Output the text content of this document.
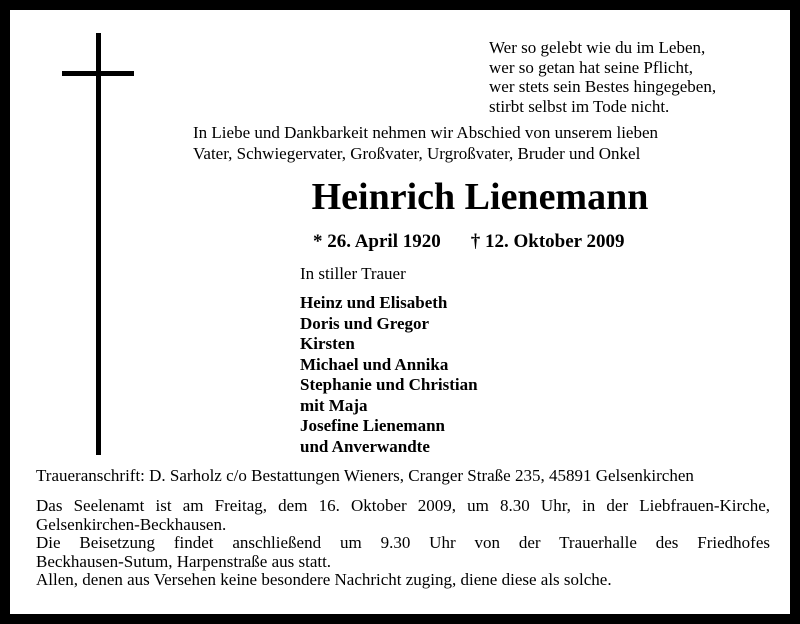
Wer so gelebt wie du im Leben,
wer so getan hat seine Pflicht,
wer stets sein Bestes hingegeben,
stirbt selbst im Tode nicht.
In Liebe und Dankbarkeit nehmen wir Abschied von unserem lieben
Vater, Schwiegervater, Großvater, Urgroßvater, Bruder und Onkel
Heinrich Lienemann
* 26. April 1920 † 12. Oktober 2009
In stiller Trauer
Heinz und Elisabeth
Doris und Gregor
Kirsten
Michael und Annika
Stephanie und Christian
mit Maja
Josefine Lienemann
und Anverwandte
Traueranschrift: D. Sarholz c/o Bestattungen Wieners, Cranger Straße 235, 45891 Gelsenkirchen
Das Seelenamt ist am Freitag, dem 16. Oktober 2009, um 8.30 Uhr, in der Liebfrauen-Kirche,
Gelsenkirchen-Beckhausen.
Die Beisetzung findet anschließend um 9.30 Uhr von der Trauerhalle des Friedhofes
Beckhausen-Sutum, Harpenstraße aus statt.
Allen, denen aus Versehen keine besondere Nachricht zuging, diene diese als solche.
